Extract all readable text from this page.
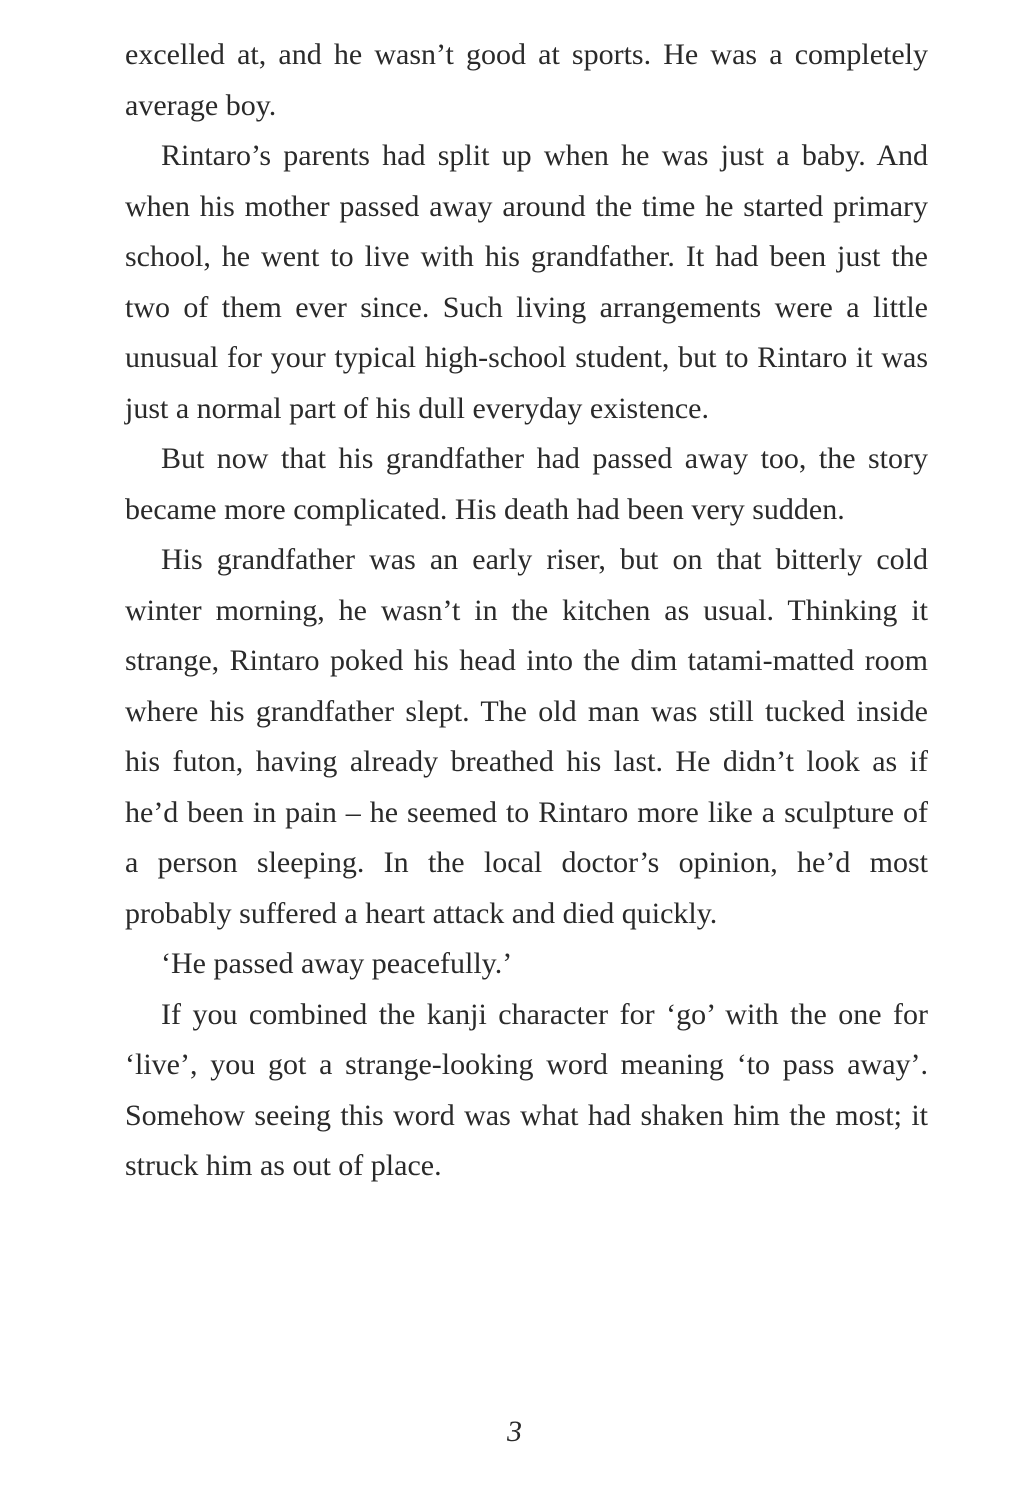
excelled at, and he wasn’t good at sports. He was a completely average boy.

Rintaro’s parents had split up when he was just a baby. And when his mother passed away around the time he started primary school, he went to live with his grandfather. It had been just the two of them ever since. Such living arrangements were a little unusual for your typical high-school student, but to Rintaro it was just a normal part of his dull everyday existence.

But now that his grandfather had passed away too, the story became more complicated. His death had been very sudden.

His grandfather was an early riser, but on that bitterly cold winter morning, he wasn’t in the kitchen as usual. Thinking it strange, Rintaro poked his head into the dim tatami-matted room where his grandfather slept. The old man was still tucked inside his futon, having already breathed his last. He didn’t look as if he’d been in pain – he seemed to Rintaro more like a sculpture of a person sleeping. In the local doctor’s opinion, he’d most probably suffered a heart attack and died quickly.

‘He passed away peacefully.’

If you combined the kanji character for ‘go’ with the one for ‘live’, you got a strange-looking word meaning ‘to pass away’. Somehow seeing this word was what had shaken him the most; it struck him as out of place.

3
